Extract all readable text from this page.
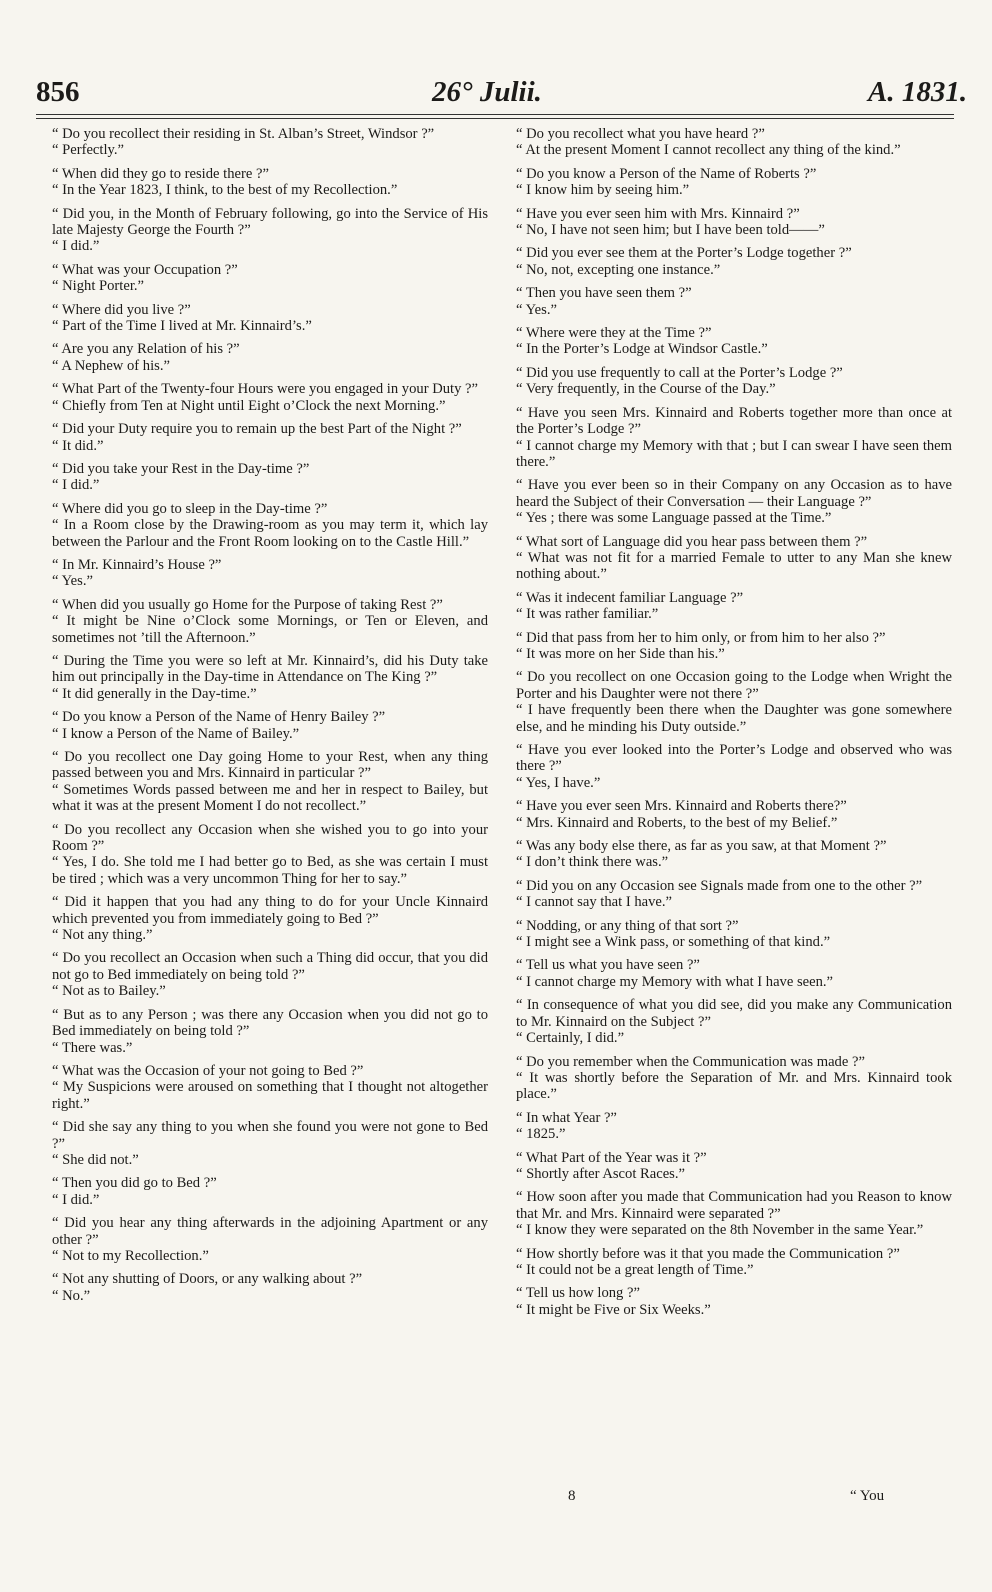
856	26° Julii.	A. 1831.

“ Do you recollect their residing in St. Alban’s Street, Windsor ?”

“ Perfectly.”

“ When did they go to reside there ?”

“ In the Year 1823, I think, to the best of my Recollection.”

“ Did you, in the Month of February following, go into the Service of His late Majesty George the Fourth ?”

“ I did.”

“ What was your Occupation ?”

“ Night Porter.”

“ Where did you live ?”

“ Part of the Time I lived at Mr. Kinnaird’s.”

“ Are you any Relation of his ?”

“ A Nephew of his.”

“ What Part of the Twenty-four Hours were you engaged in your Duty ?”

“ Chiefly from Ten at Night until Eight o’Clock the next Morning.”

“ Did your Duty require you to remain up the best Part of the Night ?”

“ It did.”

“ Did you take your Rest in the Day-time ?”

“ I did.”

“ Where did you go to sleep in the Day-time ?”

“ In a Room close by the Drawing-room as you may term it, which lay between the Parlour and the Front Room looking on to the Castle Hill.”

“ In Mr. Kinnaird’s House ?”

“ Yes.”

“ When did you usually go Home for the Purpose of taking Rest ?”

“ It might be Nine o’Clock some Mornings, or Ten or Eleven, and sometimes not ’till the Afternoon.”

“ During the Time you were so left at Mr. Kinnaird’s, did his Duty take him out principally in the Day-time in Attendance on The King ?”

“ It did generally in the Day-time.”

“ Do you know a Person of the Name of Henry Bailey ?”

“ I know a Person of the Name of Bailey.”

“ Do you recollect one Day going Home to your Rest, when any thing passed between you and Mrs. Kinnaird in particular ?”

“ Sometimes Words passed between me and her in respect to Bailey, but what it was at the present Moment I do not recollect.”

“ Do you recollect any Occasion when she wished you to go into your Room ?”

“ Yes, I do. She told me I had better go to Bed, as she was certain I must be tired ; which was a very uncommon Thing for her to say.”

“ Did it happen that you had any thing to do for your Uncle Kinnaird which prevented you from immediately going to Bed ?”

“ Not any thing.”

“ Do you recollect an Occasion when such a Thing did occur, that you did not go to Bed immediately on being told ?”

“ Not as to Bailey.”

“ But as to any Person ; was there any Occasion when you did not go to Bed immediately on being told ?”

“ There was.”

“ What was the Occasion of your not going to Bed ?”

“ My Suspicions were aroused on something that I thought not altogether right.”

“ Did she say any thing to you when she found you were not gone to Bed ?”

“ She did not.”

“ Then you did go to Bed ?”

“ I did.”

“ Did you hear any thing afterwards in the adjoining Apartment or any other ?”

“ Not to my Recollection.”

“ Not any shutting of Doors, or any walking about ?”

“ No.”

“ Do you recollect what you have heard ?”

“ At the present Moment I cannot recollect any thing of the kind.”

“ Do you know a Person of the Name of Roberts ?”

“ I know him by seeing him.”

“ Have you ever seen him with Mrs. Kinnaird ?”

“ No, I have not seen him; but I have been told——”

“ Did you ever see them at the Porter’s Lodge together ?”

“ No, not, excepting one instance.”

“ Then you have seen them ?”

“ Yes.”

“ Where were they at the Time ?”

“ In the Porter’s Lodge at Windsor Castle.”

“ Did you use frequently to call at the Porter’s Lodge ?”

“ Very frequently, in the Course of the Day.”

“ Have you seen Mrs. Kinnaird and Roberts together more than once at the Porter’s Lodge ?”

“ I cannot charge my Memory with that ; but I can swear I have seen them there.”

“ Have you ever been so in their Company on any Occasion as to have heard the Subject of their Conversation — their Language ?”

“ Yes ; there was some Language passed at the Time.”

“ What sort of Language did you hear pass between them ?”

“ What was not fit for a married Female to utter to any Man she knew nothing about.”

“ Was it indecent familiar Language ?”

“ It was rather familiar.”

“ Did that pass from her to him only, or from him to her also ?”

“ It was more on her Side than his.”

“ Do you recollect on one Occasion going to the Lodge when Wright the Porter and his Daughter were not there ?”

“ I have frequently been there when the Daughter was gone somewhere else, and he minding his Duty outside.”

“ Have you ever looked into the Porter’s Lodge and observed who was there ?”

“ Yes, I have.”

“ Have you ever seen Mrs. Kinnaird and Roberts there?”

“ Mrs. Kinnaird and Roberts, to the best of my Belief.”

“ Was any body else there, as far as you saw, at that Moment ?”

“ I don’t think there was.”

“ Did you on any Occasion see Signals made from one to the other ?”

“ I cannot say that I have.”

“ Nodding, or any thing of that sort ?”

“ I might see a Wink pass, or something of that kind.”

“ Tell us what you have seen ?”

“ I cannot charge my Memory with what I have seen.”

“ In consequence of what you did see, did you make any Communication to Mr. Kinnaird on the Subject ?”

“ Certainly, I did.”

“ Do you remember when the Communication was made ?”

“ It was shortly before the Separation of Mr. and Mrs. Kinnaird took place.”

“ In what Year ?”

“ 1825.”

“ What Part of the Year was it ?”

“ Shortly after Ascot Races.”

“ How soon after you made that Communication had you Reason to know that Mr. and Mrs. Kinnaird were separated ?”

“ I know they were separated on the 8th November in the same Year.”

“ How shortly before was it that you made the Communication ?”

“ It could not be a great length of Time.”

“ Tell us how long ?”

“ It might be Five or Six Weeks.”

8	“ You
